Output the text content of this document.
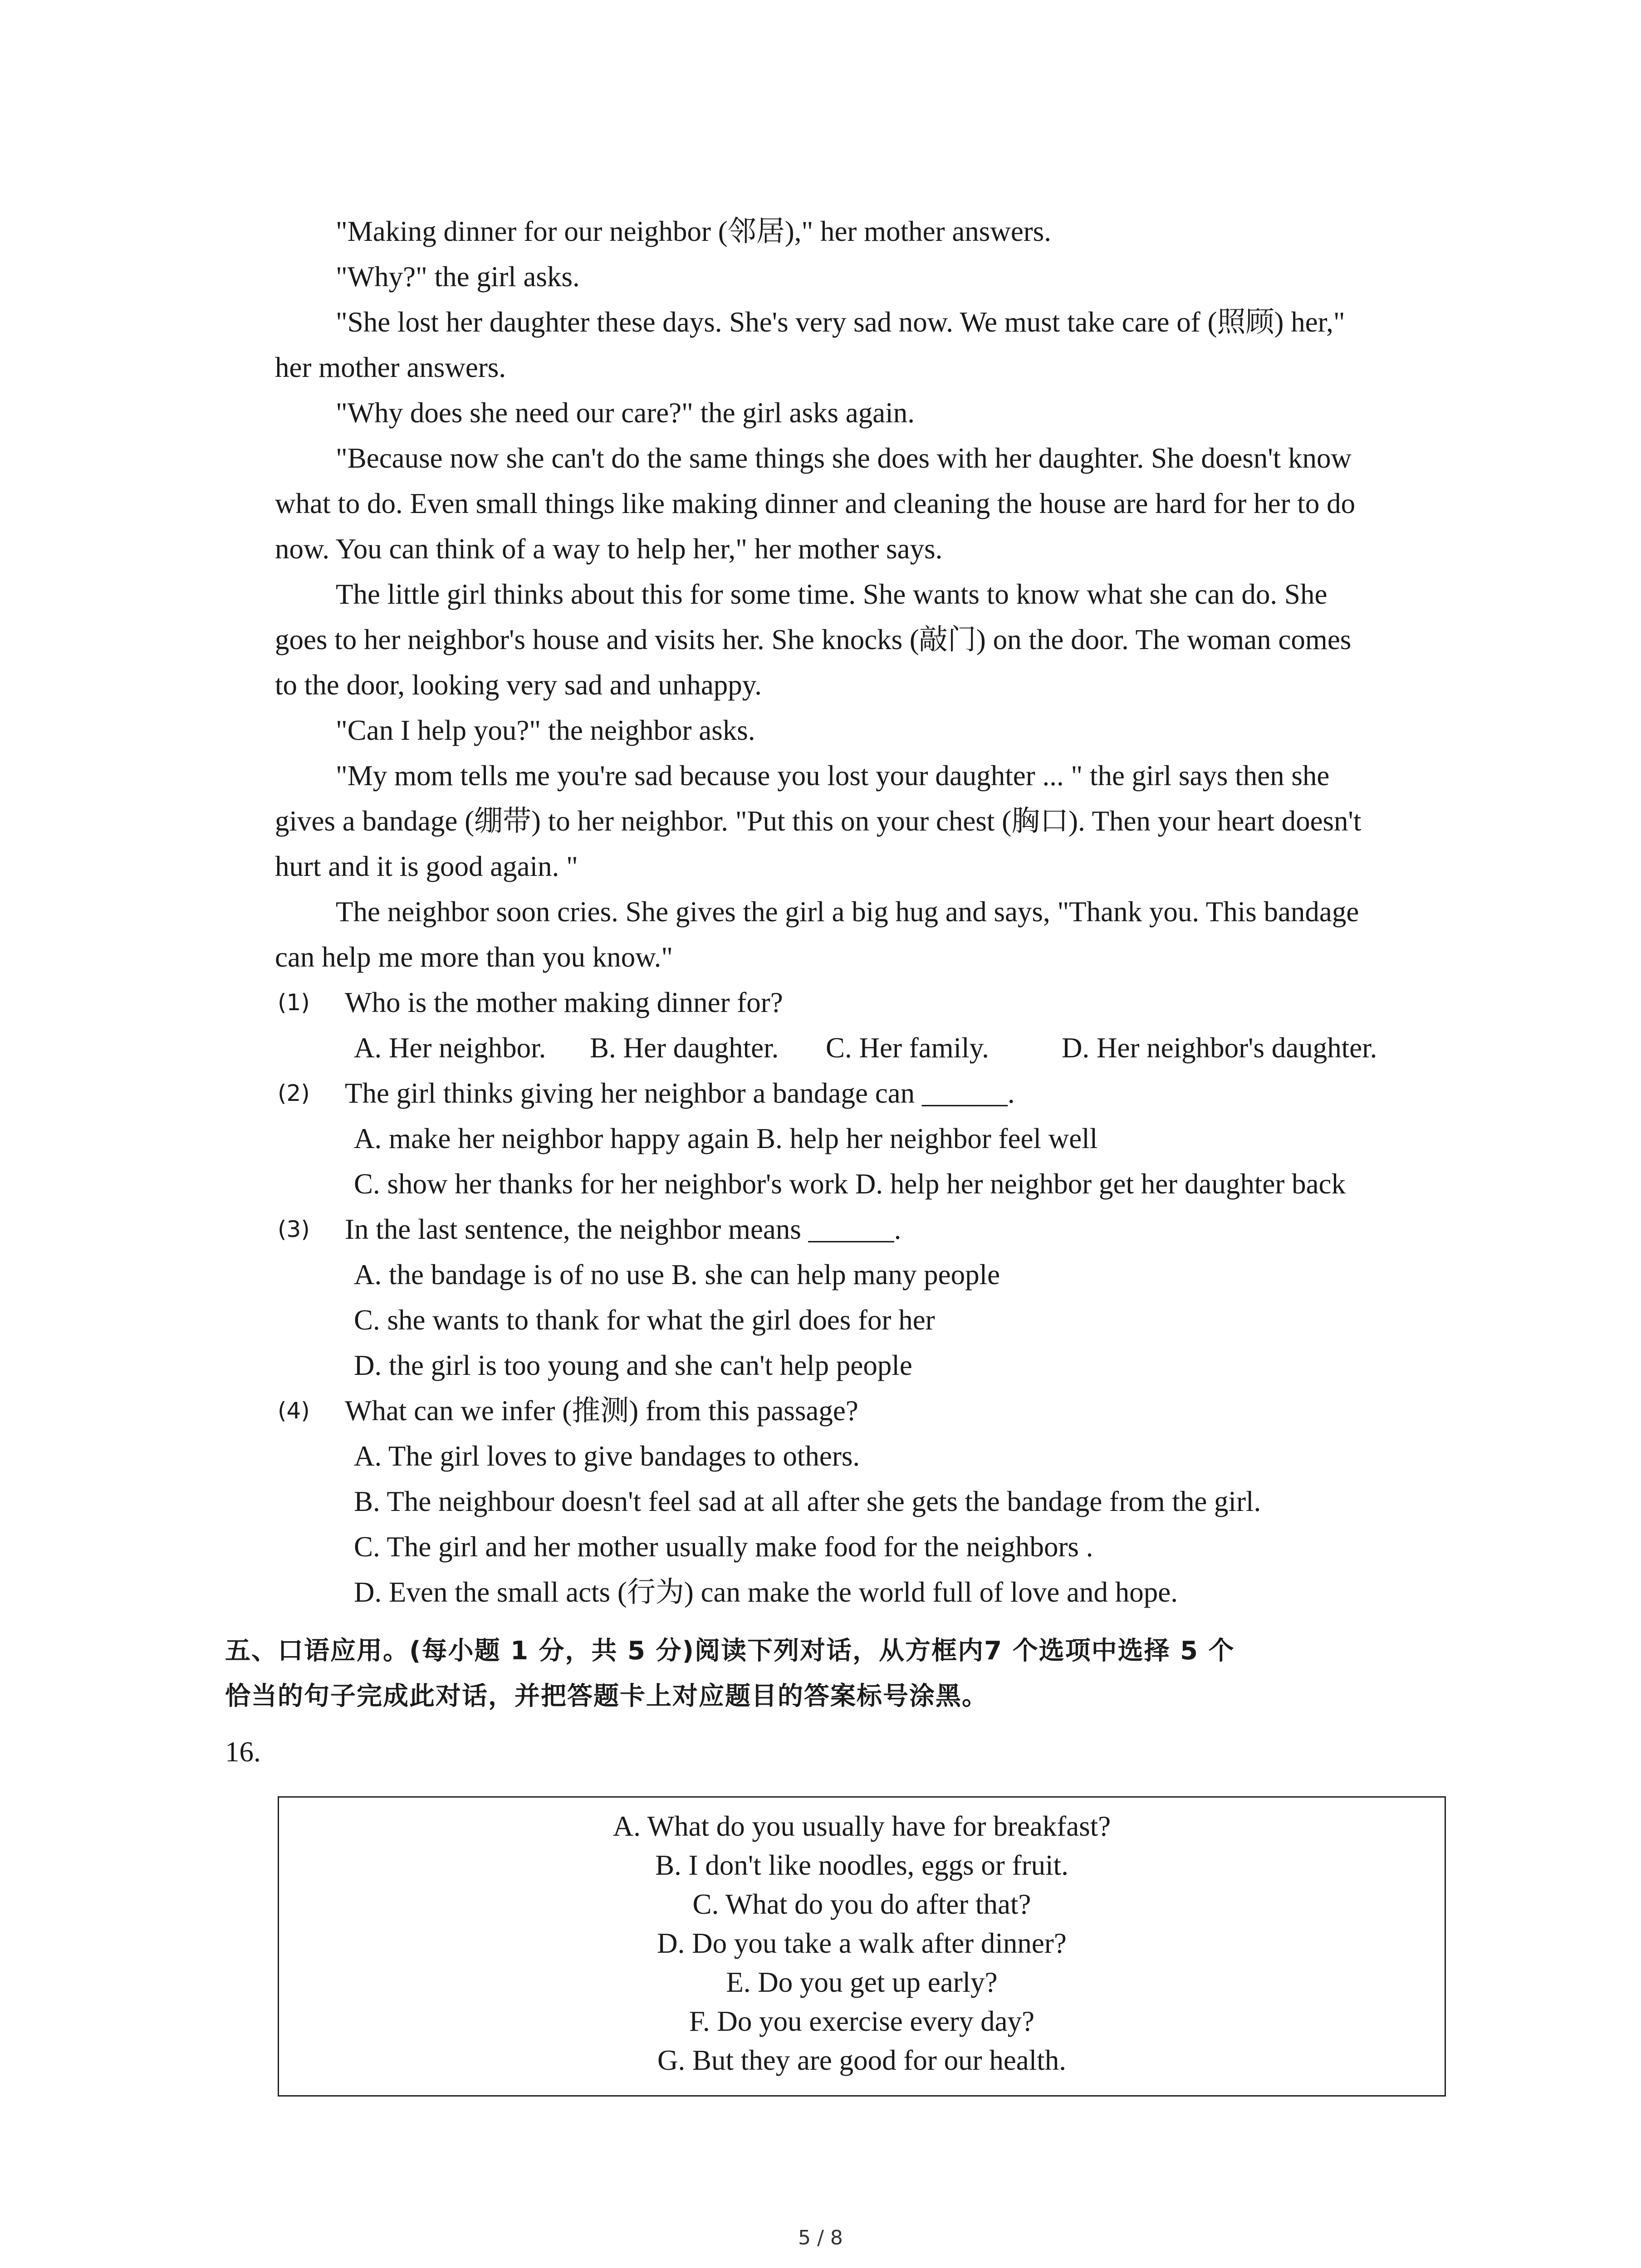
"Making dinner for our neighbor (邻居)," her mother answers.
"Why?" the girl asks.
"She lost her daughter these days. She's very sad now. We must take care of (照顾) her,"
her mother answers.
"Why does she need our care?" the girl asks again.
"Because now she can't do the same things she does with her daughter. She doesn't know
what to do. Even small things like making dinner and cleaning the house are hard for her to do
now. You can think of a way to help her," her mother says.
The little girl thinks about this for some time. She wants to know what she can do. She
goes to her neighbor's house and visits her. She knocks (敲门) on the door. The woman comes
to the door, looking very sad and unhappy.
"Can I help you?" the neighbor asks.
"My mom tells me you're sad because you lost your daughter ... " the girl says then she
gives a bandage (绷带) to her neighbor. "Put this on your chest (胸口). Then your heart doesn't
hurt and it is good again. "
The neighbor soon cries. She gives the girl a big hug and says, "Thank you. This bandage
can help me more than you know."
(1) Who is the mother making dinner for?
A. Her neighbor. B. Her daughter. C. Her family.	D. Her neighbor's daughter.
(2) The girl thinks giving her neighbor a bandage can ______.
A. make her neighbor happy again B. help her neighbor feel well
C. show her thanks for her neighbor's work D. help her neighbor get her daughter back
(3) In the last sentence, the neighbor means ______.
A. the bandage is of no use B. she can help many people
C. she wants to thank for what the girl does for her
D. the girl is too young and she can't help people
(4) What can we infer (推测) from this passage?
A. The girl loves to give bandages to others.
B. The neighbour doesn't feel sad at all after she gets the bandage from the girl.
C. The girl and her mother usually make food for the neighbors .
D. Even the small acts (行为) can make the world full of love and hope.
五、口语应用。(每小题 1 分，共 5 分)阅读下列对话，从方框内7 个选项中选择 5 个
恰当的句子完成此对话，并把答题卡上对应题目的答案标号涂黑。
16.
A. What do you usually have for breakfast?
B. I don't like noodles, eggs or fruit.
C. What do you do after that?
D. Do you take a walk after dinner?
E. Do you get up early?
F. Do you exercise every day?
G. But they are good for our health.
5 / 8
